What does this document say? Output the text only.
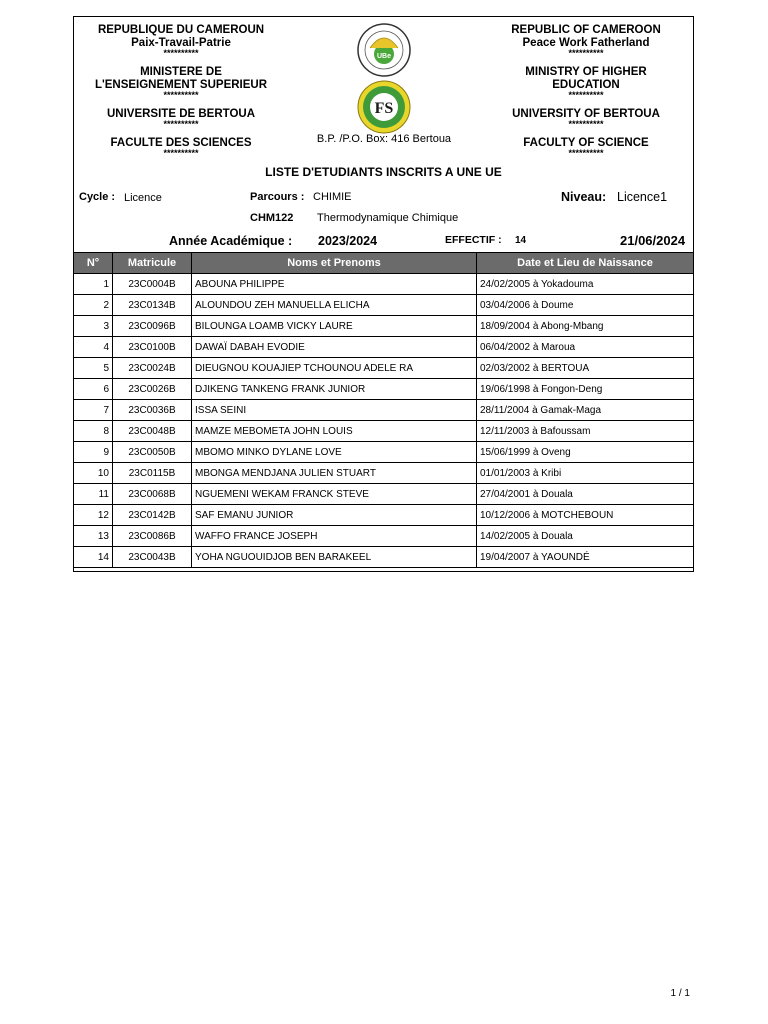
REPUBLIQUE DU CAMEROUN
Paix-Travail-Patrie
**********
MINISTERE DE
L'ENSEIGNEMENT SUPERIEUR
**********
UNIVERSITE DE BERTOUA
**********
FACULTE DES SCIENCES
**********
REPUBLIC OF CAMEROON
Peace Work Fatherland
**********
MINISTRY OF HIGHER
EDUCATION
**********
UNIVERSITY OF BERTOUA
**********
FACULTY OF SCIENCE
**********
UBe
FS
B.P. /P.O. Box: 416 Bertoua
LISTE D'ETUDIANTS INSCRITS A UNE UE
Cycle : Licence	Parcours : CHIMIE	Niveau: Licence1
CHM122 Thermodynamique Chimique
Année Académique : 2023/2024	EFFECTIF : 14	21/06/2024
N°	Matricule	Noms et Prenoms	Date et Lieu de Naissance
1	23C0004B	ABOUNA PHILIPPE	24/02/2005 à Yokadouma
2	23C0134B	ALOUNDOU ZEH MANUELLA ELICHA	03/04/2006 à Doume
3	23C0096B	BILOUNGA LOAMB VICKY LAURE	18/09/2004 à Abong-Mbang
4	23C0100B	DAWAÏ DABAH EVODIE	06/04/2002 à Maroua
5	23C0024B	DIEUGNOU KOUAJIEP TCHOUNOU ADELE RA	02/03/2002 à BERTOUA
6	23C0026B	DJIKENG TANKENG FRANK JUNIOR	19/06/1998 à Fongon-Deng
7	23C0036B	ISSA SEINI	28/11/2004 à Gamak-Maga
8	23C0048B	MAMZE MEBOMETA JOHN LOUIS	12/11/2003 à Bafoussam
9	23C0050B	MBOMO MINKO DYLANE LOVE	15/06/1999 à Oveng
10	23C0115B	MBONGA MENDJANA JULIEN STUART	01/01/2003 à Kribi
11	23C0068B	NGUEMENI WEKAM FRANCK STEVE	27/04/2001 à Douala
12	23C0142B	SAF EMANU JUNIOR	10/12/2006 à MOTCHEBOUN
13	23C0086B	WAFFO FRANCE JOSEPH	14/02/2005 à Douala
14	23C0043B	YOHA NGUOUIDJOB BEN BARAKEEL	19/04/2007 à YAOUNDÉ
1 / 1
